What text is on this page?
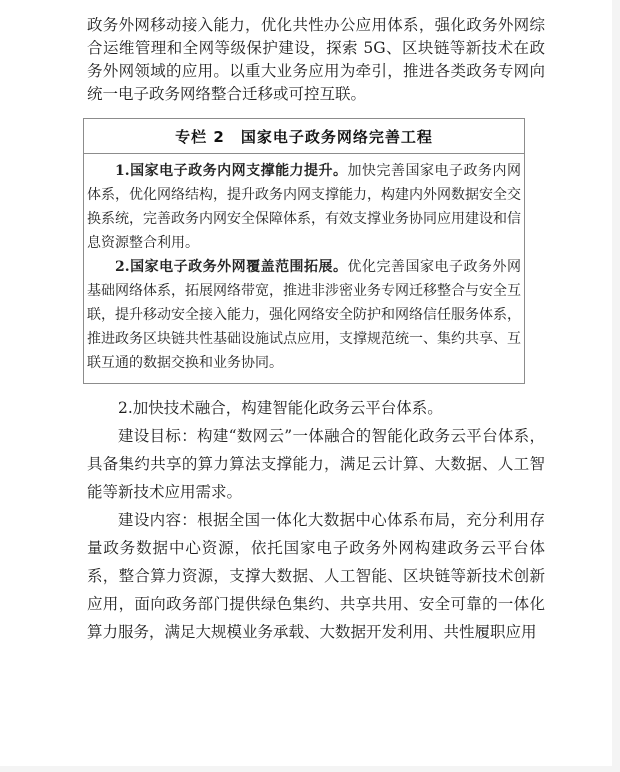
政务外网移动接入能力，优化共性办公应用体系，强化政务外网综合运维管理和全网等级保护建设，探索 5G、区块链等新技术在政务外网领域的应用。以重大业务应用为牵引，推进各类政务专网向统一电子政务网络整合迁移或可控互联。

专栏 2　国家电子政务网络完善工程

1.国家电子政务内网支撑能力提升。加快完善国家电子政务内网体系，优化网络结构，提升政务内网支撑能力，构建内外网数据安全交换系统，完善政务内网安全保障体系，有效支撑业务协同应用建设和信息资源整合利用。

2.国家电子政务外网覆盖范围拓展。优化完善国家电子政务外网基础网络体系，拓展网络带宽，推进非涉密业务专网迁移整合与安全互联，提升移动安全接入能力，强化网络安全防护和网络信任服务体系，推进政务区块链共性基础设施试点应用，支撑规范统一、集约共享、互联互通的数据交换和业务协同。

2.加快技术融合，构建智能化政务云平台体系。

建设目标：构建“数网云”一体融合的智能化政务云平台体系，具备集约共享的算力算法支撑能力，满足云计算、大数据、人工智能等新技术应用需求。

建设内容：根据全国一体化大数据中心体系布局，充分利用存量政务数据中心资源，依托国家电子政务外网构建政务云平台体系，整合算力资源，支撑大数据、人工智能、区块链等新技术创新应用，面向政务部门提供绿色集约、共享共用、安全可靠的一体化算力服务，满足大规模业务承载、大数据开发利用、共性履职应用
